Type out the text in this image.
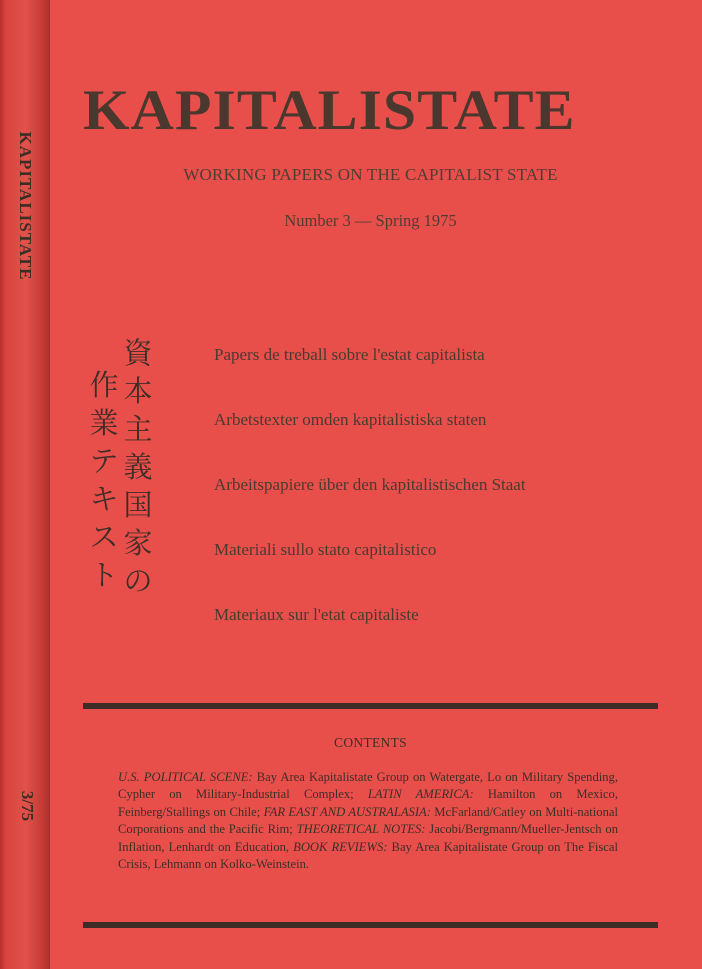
KAPITALISTATE
3/75
KAPITALISTATE
WORKING PAPERS ON THE CAPITALIST STATE
Number 3 — Spring 1975
資
本
主
義
国
家
の
作
業
テ
キ
ス
ト
Papers de treball sobre l'estat capitalista
Arbetstexter omden kapitalistiska staten
Arbeitspapiere über den kapitalistischen Staat
Materiali sullo stato capitalistico
Materiaux sur l'etat capitaliste
CONTENTS
U.S. POLITICAL SCENE: Bay Area Kapitalistate Group on Watergate, Lo on Military Spending, Cypher on Military-Industrial Complex; LATIN AMERICA: Hamilton on Mexico, Feinberg/Stallings on Chile; FAR EAST AND AUSTRALASIA: McFarland/Catley on Multi-national Corporations and the Pacific Rim; THEORETICAL NOTES: Jacobi/Bergmann/Mueller-Jentsch on Inflation, Lenhardt on Education, BOOK REVIEWS: Bay Area Kapitalistate Group on The Fiscal Crisis, Lehmann on Kolko-Weinstein.
